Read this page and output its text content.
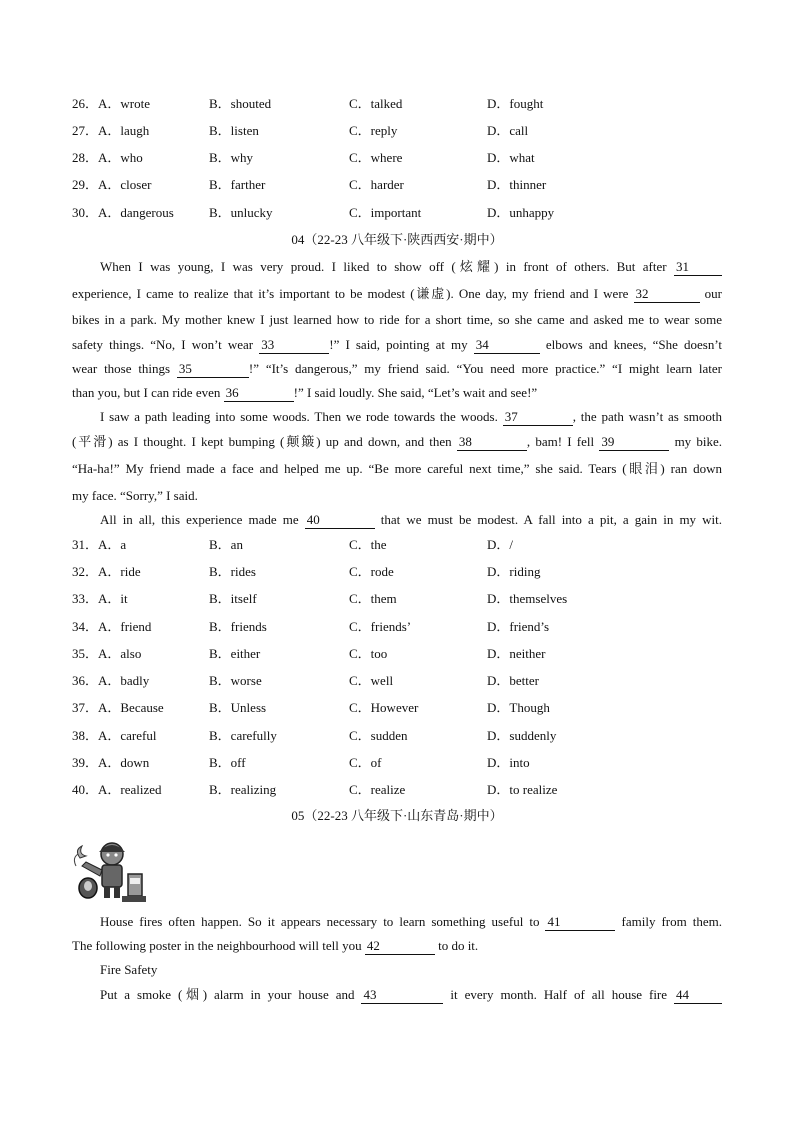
26．A．wrote	B．shouted	C．talked	D．fought
27．A．laugh	B．listen	C．reply	D．call
28．A．who	B．why	C．where	D．what
29．A．closer	B．farther	C．harder	D．thinner
30．A．dangerous	B．unlucky	C．important	D．unhappy
04（22-23 八年级下·陕西西安·期中）
When I was young, I was very proud. I liked to show off (炫耀) in front of others. But after 31
experience, I came to realize that it’s important to be modest (谦虚). One day, my friend and I were 32	our
bikes in a park. My mother knew I just learned how to ride for a short time, so she came and asked me to wear some
safety things. “No, I won’t wear 33	!” I said, pointing at my 34	elbows and knees, “She doesn’t
wear those things 35	!” “It’s dangerous,” my friend said. “You need more practice.” “I might learn later
than you, but I can ride even 36	!” I said loudly. She said, “Let’s wait and see!”
I saw a path leading into some woods. Then we rode towards the woods. 37	, the path wasn’t as smooth
(平滑) as I thought. I kept bumping (颠簸) up and down, and then 38	, bam! I fell 39	my bike.
“Ha-ha!” My friend made a face and helped me up. “Be more careful next time,” she said. Tears (眼泪) ran down
my face. “Sorry,” I said.
All in all, this experience made me 40	that we must be modest. A fall into a pit, a gain in my wit.
31．A．a	B．an	C．the	D．/
32．A．ride	B．rides	C．rode	D．riding
33．A．it	B．itself	C．them	D．themselves
34．A．friend	B．friends	C．friends’	D．friend’s
35．A．also	B．either	C．too	D．neither
36．A．badly	B．worse	C．well	D．better
37．A．Because	B．Unless	C．However	D．Though
38．A．careful	B．carefully	C．sudden	D．suddenly
39．A．down	B．off	C．of	D．into
40．A．realized	B．realizing	C．realize	D．to realize
05（22-23 八年级下·山东青岛·期中）
House fires often happen. So it appears necessary to learn something useful to 41	family from them.
The following poster in the neighbourhood will tell you 42	to do it.
Fire Safety
Put a smoke (烟) alarm in your house and 43	it every month. Half of all house fire 44
